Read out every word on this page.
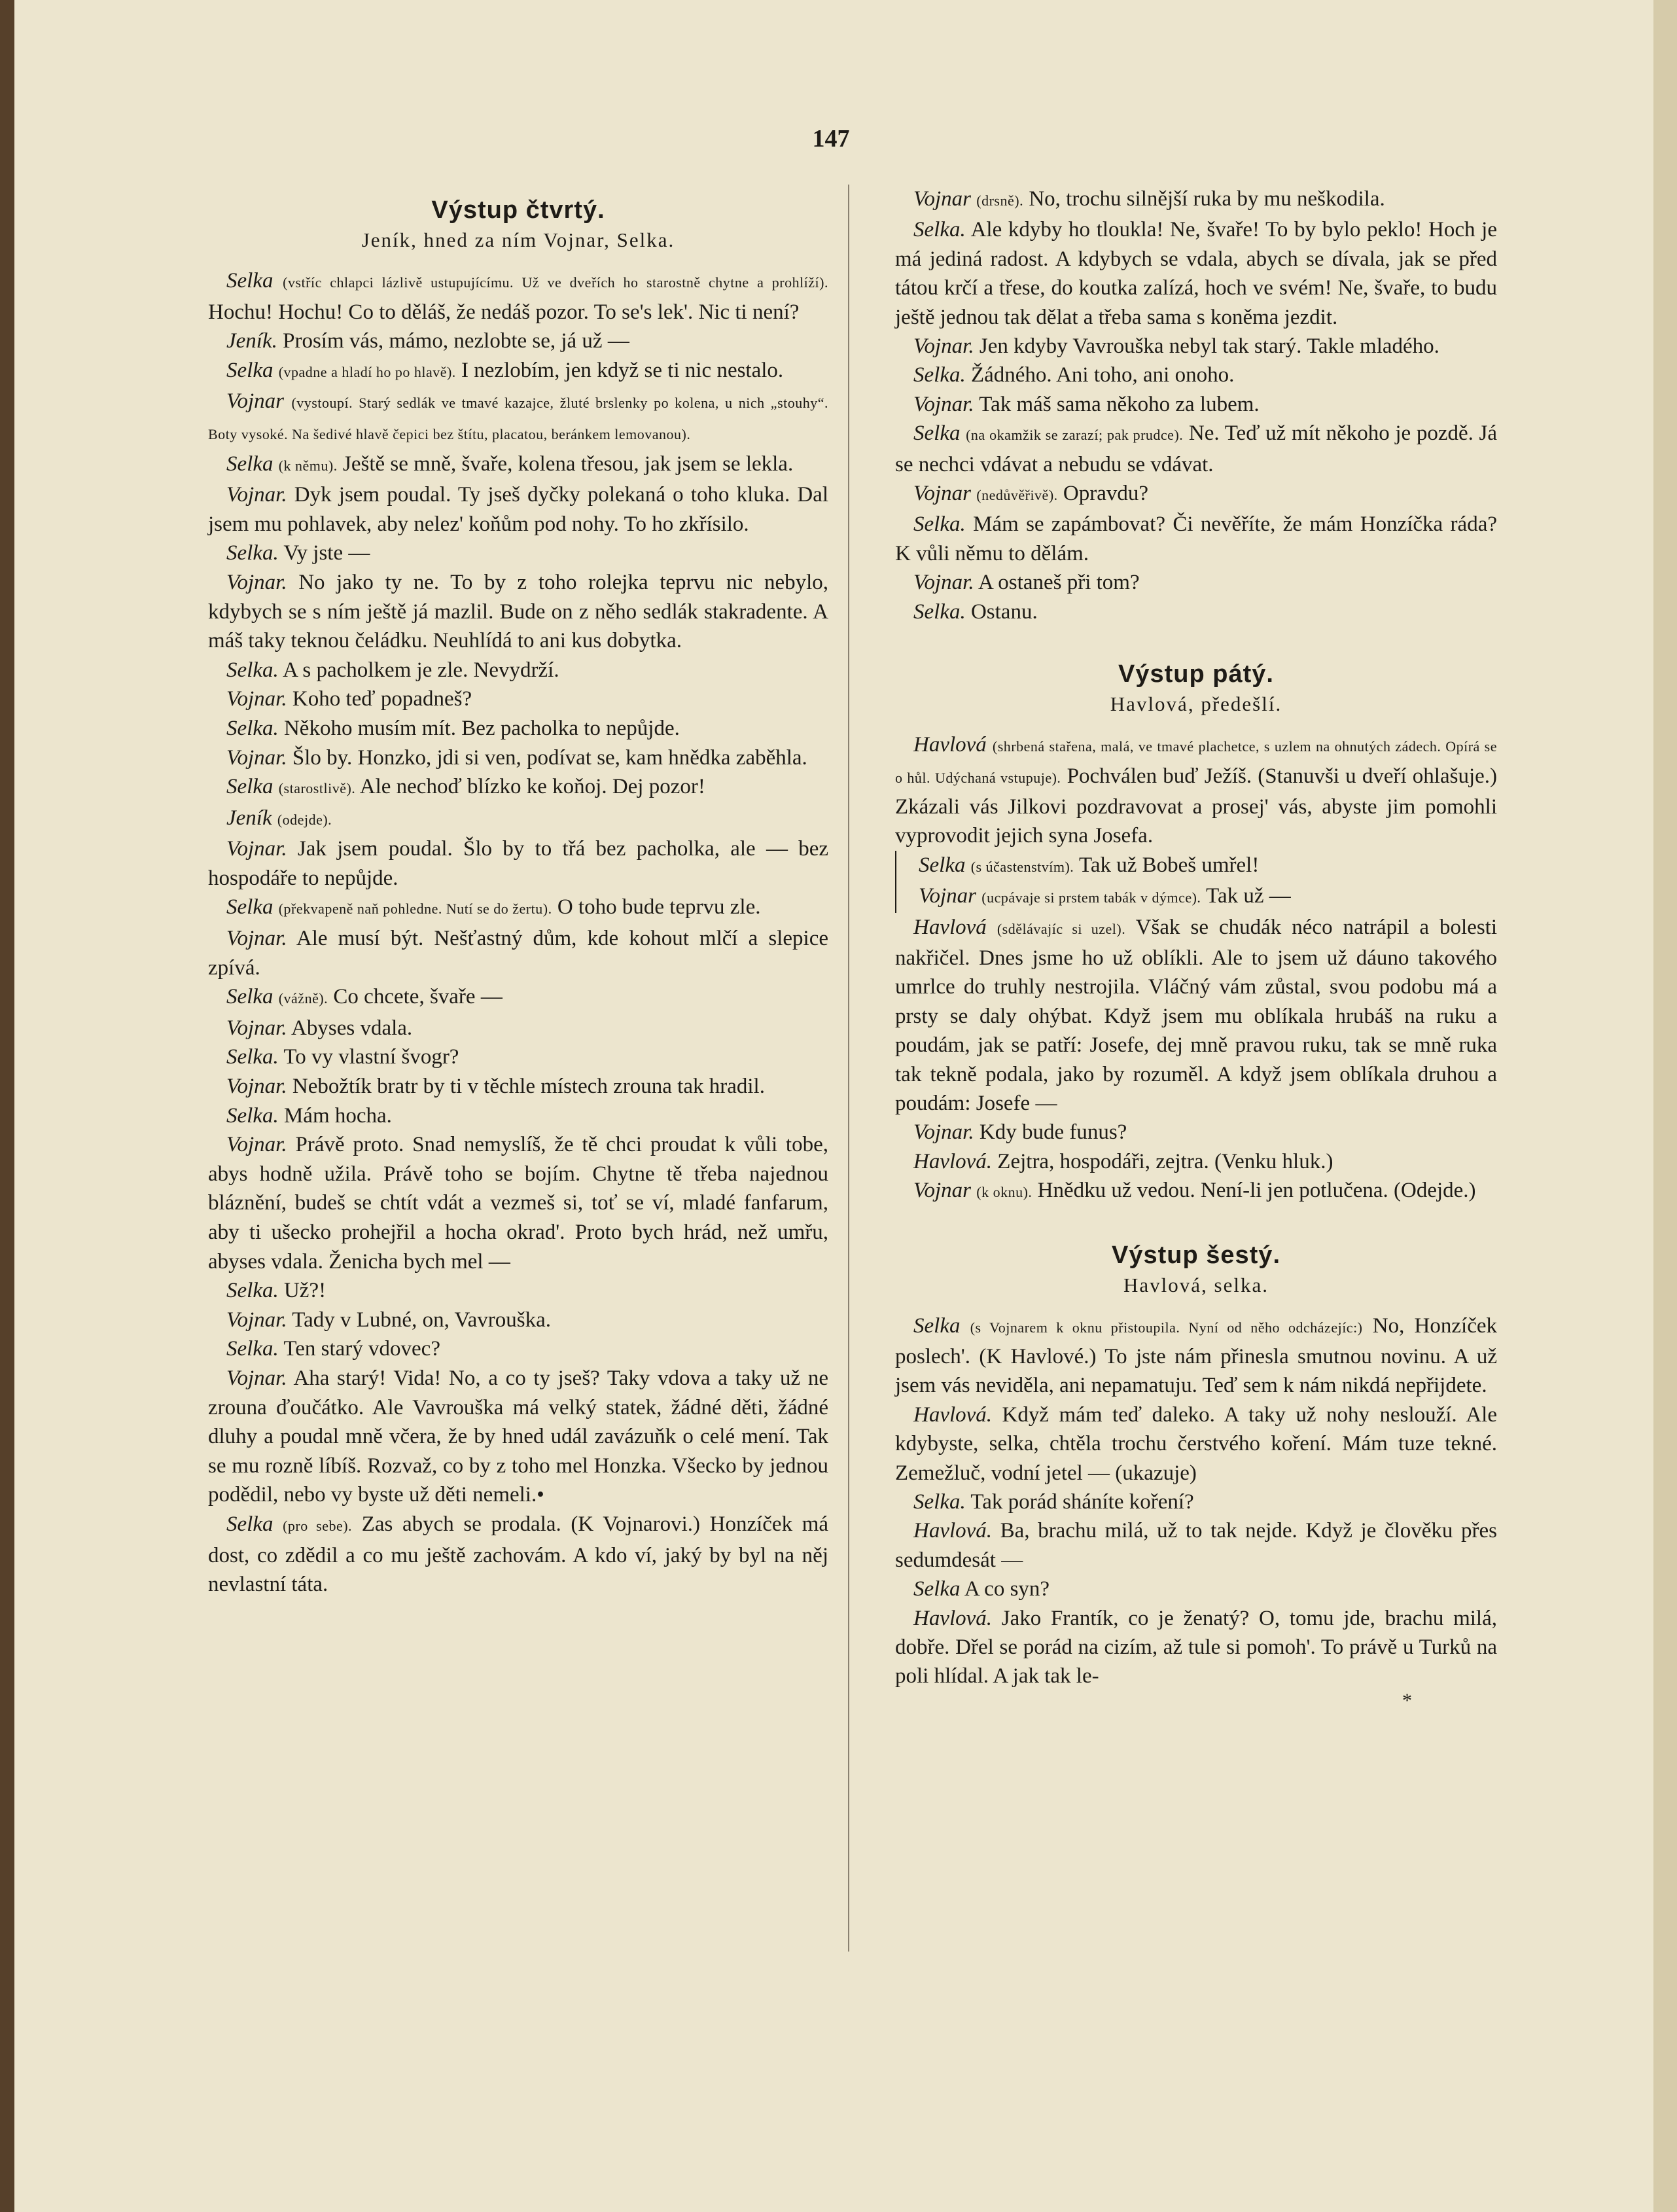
147
Výstup čtvrtý.
Jeník, hned za ním Vojnar, Selka.

Selka (vstříc chlapci lázlivě ustupujícímu. Už ve dveřích ho starostně chytne a prohlíží). Hochu! Hochu! Co to děláš, že nedáš pozor. To se's lek'. Nic ti není?

Jeník. Prosím vás, mámo, nezlobte se, já už —

Selka (vpadne a hladí ho po hlavě). I nezlobím, jen když se ti nic nestalo.

Vojnar (vystoupí. Starý sedlák ve tmavé kazajce, žluté brslenky po kolena, u nich „stouhy“. Boty vysoké. Na šedivé hlavě čepici bez štítu, placatou, beránkem lemovanou).

Selka (k němu). Ještě se mně, švaře, kolena třesou, jak jsem se lekla.

Vojnar. Dyk jsem poudal. Ty jseš dyčky polekaná o toho kluka. Dal jsem mu pohlavek, aby nelez' koňům pod nohy. To ho zkřísilo.

Selka. Vy jste —

Vojnar. No jako ty ne. To by z toho rolejka teprvu nic nebylo, kdybych se s ním ještě já mazlil. Bude on z něho sedlák stakradente. A máš taky teknou čeládku. Neuhlídá to ani kus dobytka.

Selka. A s pacholkem je zle. Nevydrží.

Vojnar. Koho teď popadneš?

Selka. Někoho musím mít. Bez pacholka to nepůjde.

Vojnar. Šlo by. Honzko, jdi si ven, podívat se, kam hnědka zaběhla.

Selka (starostlivě). Ale nechoď blízko ke koňoj. Dej pozor!

Jeník (odejde).

Vojnar. Jak jsem poudal. Šlo by to třá bez pacholka, ale — bez hospodáře to nepůjde.

Selka (překvapeně naň pohledne. Nutí se do žertu). O toho bude teprvu zle.

Vojnar. Ale musí být. Nešťastný dům, kde kohout mlčí a slepice zpívá.

Selka (vážně). Co chcete, švaře —

Vojnar. Abyses vdala.

Selka. To vy vlastní švogr?

Vojnar. Nebožtík bratr by ti v těchle místech zrouna tak hradil.

Selka. Mám hocha.

Vojnar. Právě proto. Snad nemyslíš, že tě chci proudat k vůli tobe, abys hodně užila. Právě toho se bojím. Chytne tě třeba najednou bláznění, budeš se chtít vdát a vezmeš si, toť se ví, mladé fanfarum, aby ti ušecko prohejřil a hocha okrad'. Proto bych hrád, než umřu, abyses vdala. Ženicha bych mel —

Selka. Už?!

Vojnar. Tady v Lubné, on, Vavrouška.

Selka. Ten starý vdovec?

Vojnar. Aha starý! Vida! No, a co ty jseš? Taky vdova a taky už ne zrouna ďoučátko. Ale Vavrouška má velký statek, žádné děti, žádné dluhy a poudal mně včera, že by hned udál zavázuňk o celé mení. Tak se mu rozně líbíš. Rozvaž, co by z toho mel Honzka. Všecko by jednou podědil, nebo vy byste už děti nemeli.•

Selka (pro sebe). Zas abych se prodala. (K Vojnarovi.) Honzíček má dost, co zdědil a co mu ještě zachovám. A kdo ví, jaký by byl na něj nevlastní táta.

Vojnar (drsně). No, trochu silnější ruka by mu neškodila.

Selka. Ale kdyby ho tloukla! Ne, švaře! To by bylo peklo! Hoch je má jediná radost. A kdybych se vdala, abych se dívala, jak se před tátou krčí a třese, do koutka zalízá, hoch ve svém! Ne, švaře, to budu ještě jednou tak dělat a třeba sama s koněma jezdit.

Vojnar. Jen kdyby Vavrouška nebyl tak starý. Takle mladého.

Selka. Žádného. Ani toho, ani onoho.

Vojnar. Tak máš sama někoho za lubem.

Selka (na okamžik se zarazí; pak prudce). Ne. Teď už mít někoho je pozdě. Já se nechci vdávat a nebudu se vdávat.

Vojnar (nedůvěřivě). Opravdu?

Selka. Mám se zapámbovat? Či nevěříte, že mám Honzíčka ráda? K vůli němu to dělám.

Vojnar. A ostaneš při tom?

Selka. Ostanu.

Výstup pátý.
Havlová, předešlí.

Havlová (shrbená stařena, malá, ve tmavé plachetce, s uzlem na ohnutých zádech. Opírá se o hůl. Udýchaná vstupuje). Pochválen buď Ježíš. (Stanuvši u dveří ohlašuje.) Zkázali vás Jilkovi pozdravovat a prosej' vás, abyste jim pomohli vyprovodit jejich syna Josefa.

Selka (s účastenstvím). Tak už Bobeš umřel!

Vojnar (ucpávaje si prstem tabák v dýmce). Tak už —

Havlová (sdělávajíc si uzel). Však se chudák néco natrápil a bolesti nakřičel. Dnes jsme ho už oblíkli. Ale to jsem už dáuno takového umrlce do truhly nestrojila. Vláčný vám zůstal, svou podobu má a prsty se daly ohýbat. Když jsem mu oblíkala hrubáš na ruku a poudám, jak se patří: Josefe, dej mně pravou ruku, tak se mně ruka tak tekně podala, jako by rozuměl. A když jsem oblíkala druhou a poudám: Josefe —

Vojnar. Kdy bude funus?

Havlová. Zejtra, hospodáři, zejtra. (Venku hluk.)

Vojnar (k oknu). Hnědku už vedou. Není-li jen potlučena. (Odejde.)

Výstup šestý.
Havlová, selka.

Selka (s Vojnarem k oknu přistoupila. Nyní od něho odcházejíc:) No, Honzíček poslech'. (K Havlové.) To jste nám přinesla smutnou novinu. A už jsem vás neviděla, ani nepamatuju. Teď sem k nám nikdá nepřijdete.

Havlová. Když mám teď daleko. A taky už nohy neslouží. Ale kdybyste, selka, chtěla trochu čerstvého koření. Mám tuze tekné. Zemežluč, vodní jetel — (ukazuje)

Selka. Tak porád sháníte koření?

Havlová. Ba, brachu milá, už to tak nejde. Když je člověku přes sedumdesát —

Selka A co syn?

Havlová. Jako Frantík, co je ženatý? O, tomu jde, brachu milá, dobře. Dřel se porád na cizím, až tule si pomoh'. To právě u Turků na poli hlídal. A jak tak le-

*
